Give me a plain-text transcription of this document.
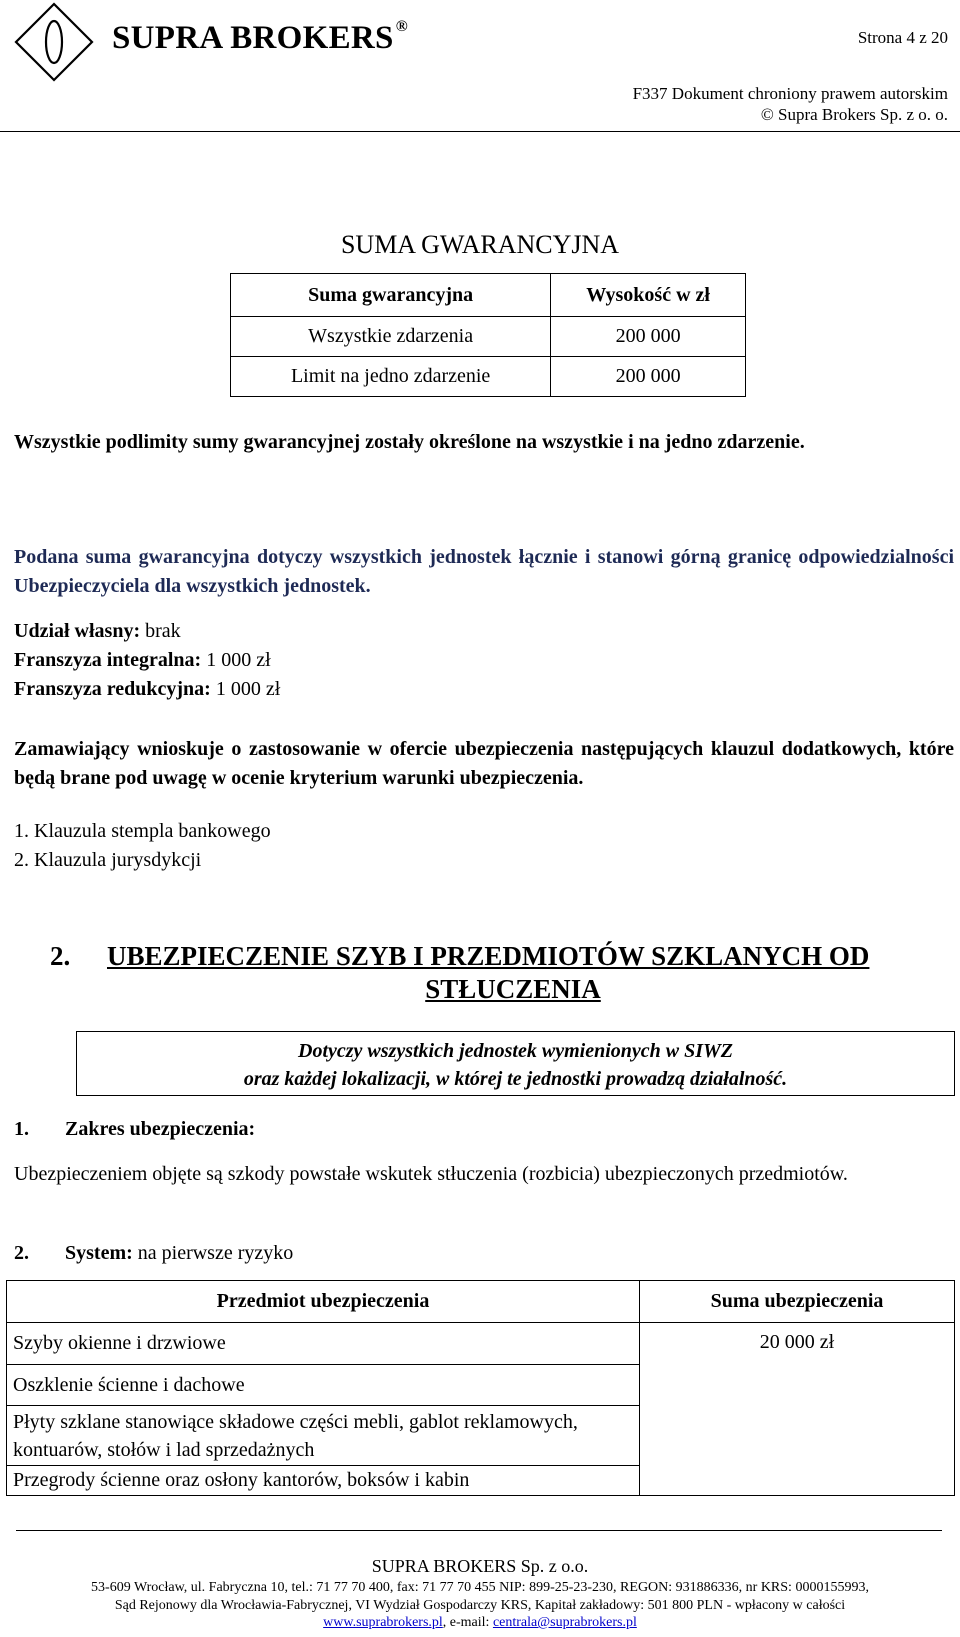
SUPRA BROKERS ®
Strona 4 z 20
F337 Dokument chroniony prawem autorskim
© Supra Brokers Sp. z o. o.
SUMA GWARANCYJNA
Suma gwarancyjna	Wysokość w zł
Wszystkie zdarzenia	200 000
Limit na jedno zdarzenie	200 000
Wszystkie podlimity sumy gwarancyjnej zostały określone na wszystkie i na jedno zdarzenie.
Podana suma gwarancyjna dotyczy wszystkich jednostek łącznie i stanowi górną granicę odpowiedzialności Ubezpieczyciela dla wszystkich jednostek.
Udział własny: brak
Franszyza integralna: 1 000 zł
Franszyza redukcyjna: 1 000 zł
Zamawiający wnioskuje o zastosowanie w ofercie ubezpieczenia następujących klauzul dodatkowych, które będą brane pod uwagę w ocenie kryterium warunki ubezpieczenia.
1. Klauzula stempla bankowego
2. Klauzula jurysdykcji
2.	UBEZPIECZENIE SZYB I PRZEDMIOTÓW SZKLANYCH OD
STŁUCZENIA
Dotyczy wszystkich jednostek wymienionych w SIWZ
oraz każdej lokalizacji, w której te jednostki prowadzą działalność.
1. Zakres ubezpieczenia:
Ubezpieczeniem objęte są szkody powstałe wskutek stłuczenia (rozbicia) ubezpieczonych przedmiotów.
2. System: na pierwsze ryzyko
Przedmiot ubezpieczenia	Suma ubezpieczenia
Szyby okienne i drzwiowe	20 000 zł
Oszklenie ścienne i dachowe	
Płyty szklane stanowiące składowe części mebli, gablot reklamowych, kontuarów, stołów i lad sprzedażnych	
Przegrody ścienne oraz osłony kantorów, boksów i kabin	
SUPRA BROKERS Sp. z o.o.
53-609 Wrocław, ul. Fabryczna 10, tel.: 71 77 70 400, fax: 71 77 70 455 NIP: 899-25-23-230, REGON: 931886336, nr KRS: 0000155993,
Sąd Rejonowy dla Wrocławia-Fabrycznej, VI Wydział Gospodarczy KRS, Kapitał zakładowy: 501 800 PLN - wpłacony w całości
www.suprabrokers.pl, e-mail: centrala@suprabrokers.pl
